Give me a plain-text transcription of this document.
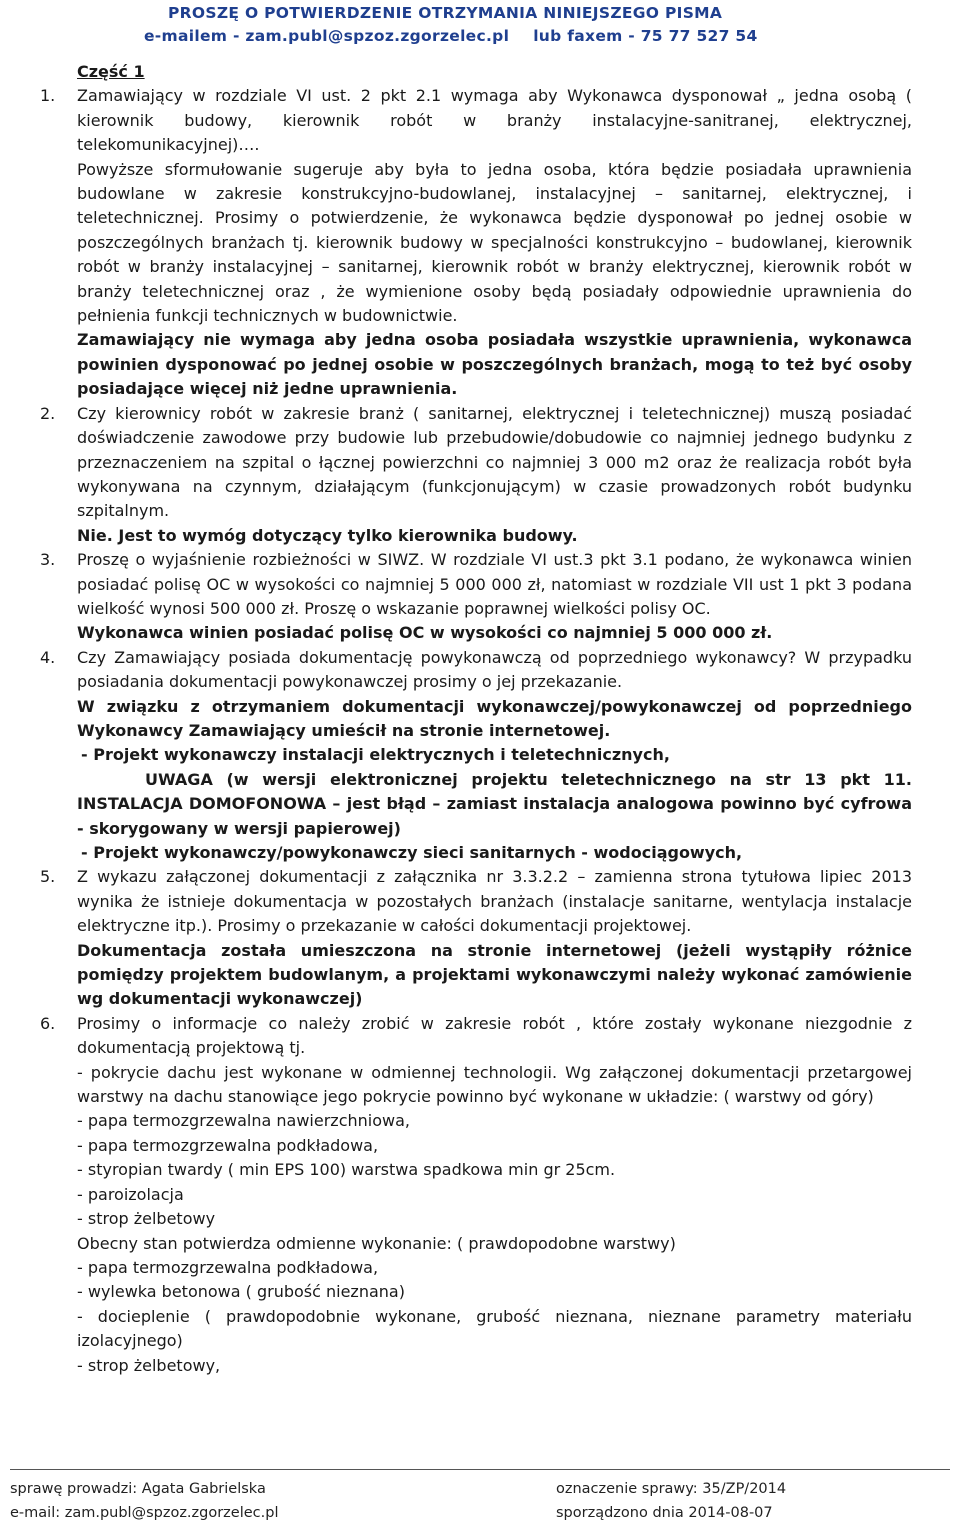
PROSZĘ O POTWIERDZENIE OTRZYMANIA NINIEJSZEGO PISMA
e-mailem - zam.publ@spzoz.zgorzelec.pl lub faxem - 75 77 527 54
Część 1
1. Zamawiający w rozdziale VI ust. 2 pkt 2.1 wymaga aby Wykonawca dysponował „ jedna osobą ( kierownik budowy, kierownik robót w branży instalacyjne-sanitranej, elektrycznej, telekomunikacyjnej)….

Powyższe sformułowanie sugeruje aby była to jedna osoba, która będzie posiadała uprawnienia budowlane w zakresie konstrukcyjno-budowlanej, instalacyjnej – sanitarnej, elektrycznej, i teletechnicznej. Prosimy o potwierdzenie, że wykonawca będzie dysponował po jednej osobie w poszczególnych branżach tj. kierownik budowy w specjalności konstrukcyjno – budowlanej, kierownik robót w branży instalacyjnej – sanitarnej, kierownik robót w branży elektrycznej, kierownik robót w branży teletechnicznej oraz , że wymienione osoby będą posiadały odpowiednie uprawnienia do pełnienia funkcji technicznych w budownictwie.

Zamawiający nie wymaga aby jedna osoba posiadała wszystkie uprawnienia, wykonawca powinien dysponować po jednej osobie w poszczególnych branżach, mogą to też być osoby posiadające więcej niż jedne uprawnienia.

2. Czy kierownicy robót w zakresie branż ( sanitarnej, elektrycznej i teletechnicznej) muszą posiadać doświadczenie zawodowe przy budowie lub przebudowie/dobudowie co najmniej jednego budynku z przeznaczeniem na szpital o łącznej powierzchni co najmniej 3 000 m2 oraz że realizacja robót była wykonywana na czynnym, działającym (funkcjonującym) w czasie prowadzonych robót budynku szpitalnym.

Nie. Jest to wymóg dotyczący tylko kierownika budowy.

3. Proszę o wyjaśnienie rozbieżności w SIWZ. W rozdziale VI ust.3 pkt 3.1 podano, że wykonawca winien posiadać polisę OC w wysokości co najmniej 5 000 000 zł, natomiast w rozdziale VII ust 1 pkt 3 podana wielkość wynosi 500 000 zł. Proszę o wskazanie poprawnej wielkości polisy OC.

Wykonawca winien posiadać polisę OC w wysokości co najmniej 5 000 000 zł.

4. Czy Zamawiający posiada dokumentację powykonawczą od poprzedniego wykonawcy? W przypadku posiadania dokumentacji powykonawczej prosimy o jej przekazanie.

W związku z otrzymaniem dokumentacji wykonawczej/powykonawczej od poprzedniego Wykonawcy Zamawiający umieścił na stronie internetowej.

- Projekt wykonawczy instalacji elektrycznych i teletechnicznych,

UWAGA (w wersji elektronicznej projektu teletechnicznego na str 13 pkt 11. INSTALACJA DOMOFONOWA – jest błąd – zamiast instalacja analogowa powinno być cyfrowa - skorygowany w wersji papierowej)

- Projekt wykonawczy/powykonawczy sieci sanitarnych - wodociągowych,

5. Z wykazu załączonej dokumentacji z załącznika nr 3.3.2.2 – zamienna strona tytułowa lipiec 2013 wynika że istnieje dokumentacja w pozostałych branżach (instalacje sanitarne, wentylacja instalacje elektryczne itp.). Prosimy o przekazanie w całości dokumentacji projektowej.

Dokumentacja została umieszczona na stronie internetowej (jeżeli wystąpiły różnice pomiędzy projektem budowlanym, a projektami wykonawczymi należy wykonać zamówienie wg dokumentacji wykonawczej)

6. Prosimy o informacje co należy zrobić w zakresie robót , które zostały wykonane niezgodnie z dokumentacją projektową tj.

- pokrycie dachu jest wykonane w odmiennej technologii. Wg załączonej dokumentacji przetargowej warstwy na dachu stanowiące jego pokrycie powinno być wykonane w układzie: ( warstwy od góry)

- papa termozgrzewalna nawierzchniowa,

- papa termozgrzewalna podkładowa,

- styropian twardy ( min EPS 100) warstwa spadkowa min gr 25cm.

- paroizolacja

- strop żelbetowy

Obecny stan potwierdza odmienne wykonanie: ( prawdopodobne warstwy)

- papa termozgrzewalna podkładowa,

- wylewka betonowa ( grubość nieznana)

- docieplenie ( prawdopodobnie wykonane, grubość nieznana, nieznane parametry materiału izolacyjnego)

- strop żelbetowy,

sprawę prowadzi: Agata Gabrielska
e-mail: zam.publ@spzoz.zgorzelec.pl
oznaczenie sprawy: 35/ZP/2014
sporządzono dnia 2014-08-07
